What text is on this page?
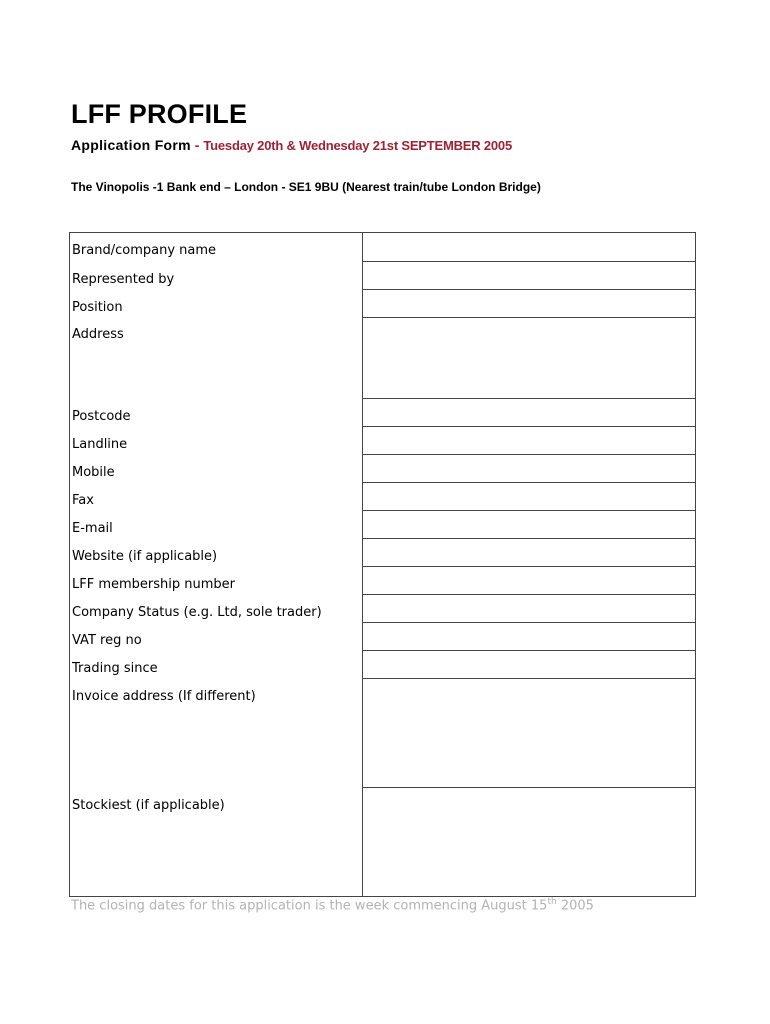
LFF PROFILE
Application Form - Tuesday 20th & Wednesday 21st SEPTEMBER 2005
The Vinopolis -1 Bank end – London - SE1 9BU (Nearest train/tube London Bridge)
Brand/company name	

Represented by	

Position	

Address	

Postcode	

Landline	

Mobile	

Fax	

E-mail	

Website (if applicable)	

LFF membership number	

Company Status (e.g. Ltd, sole trader)	

VAT reg no	

Trading since	

Invoice address (If different)	

Stockiest (if applicable)	

The closing dates for this application is the week commencing August 15th 2005
